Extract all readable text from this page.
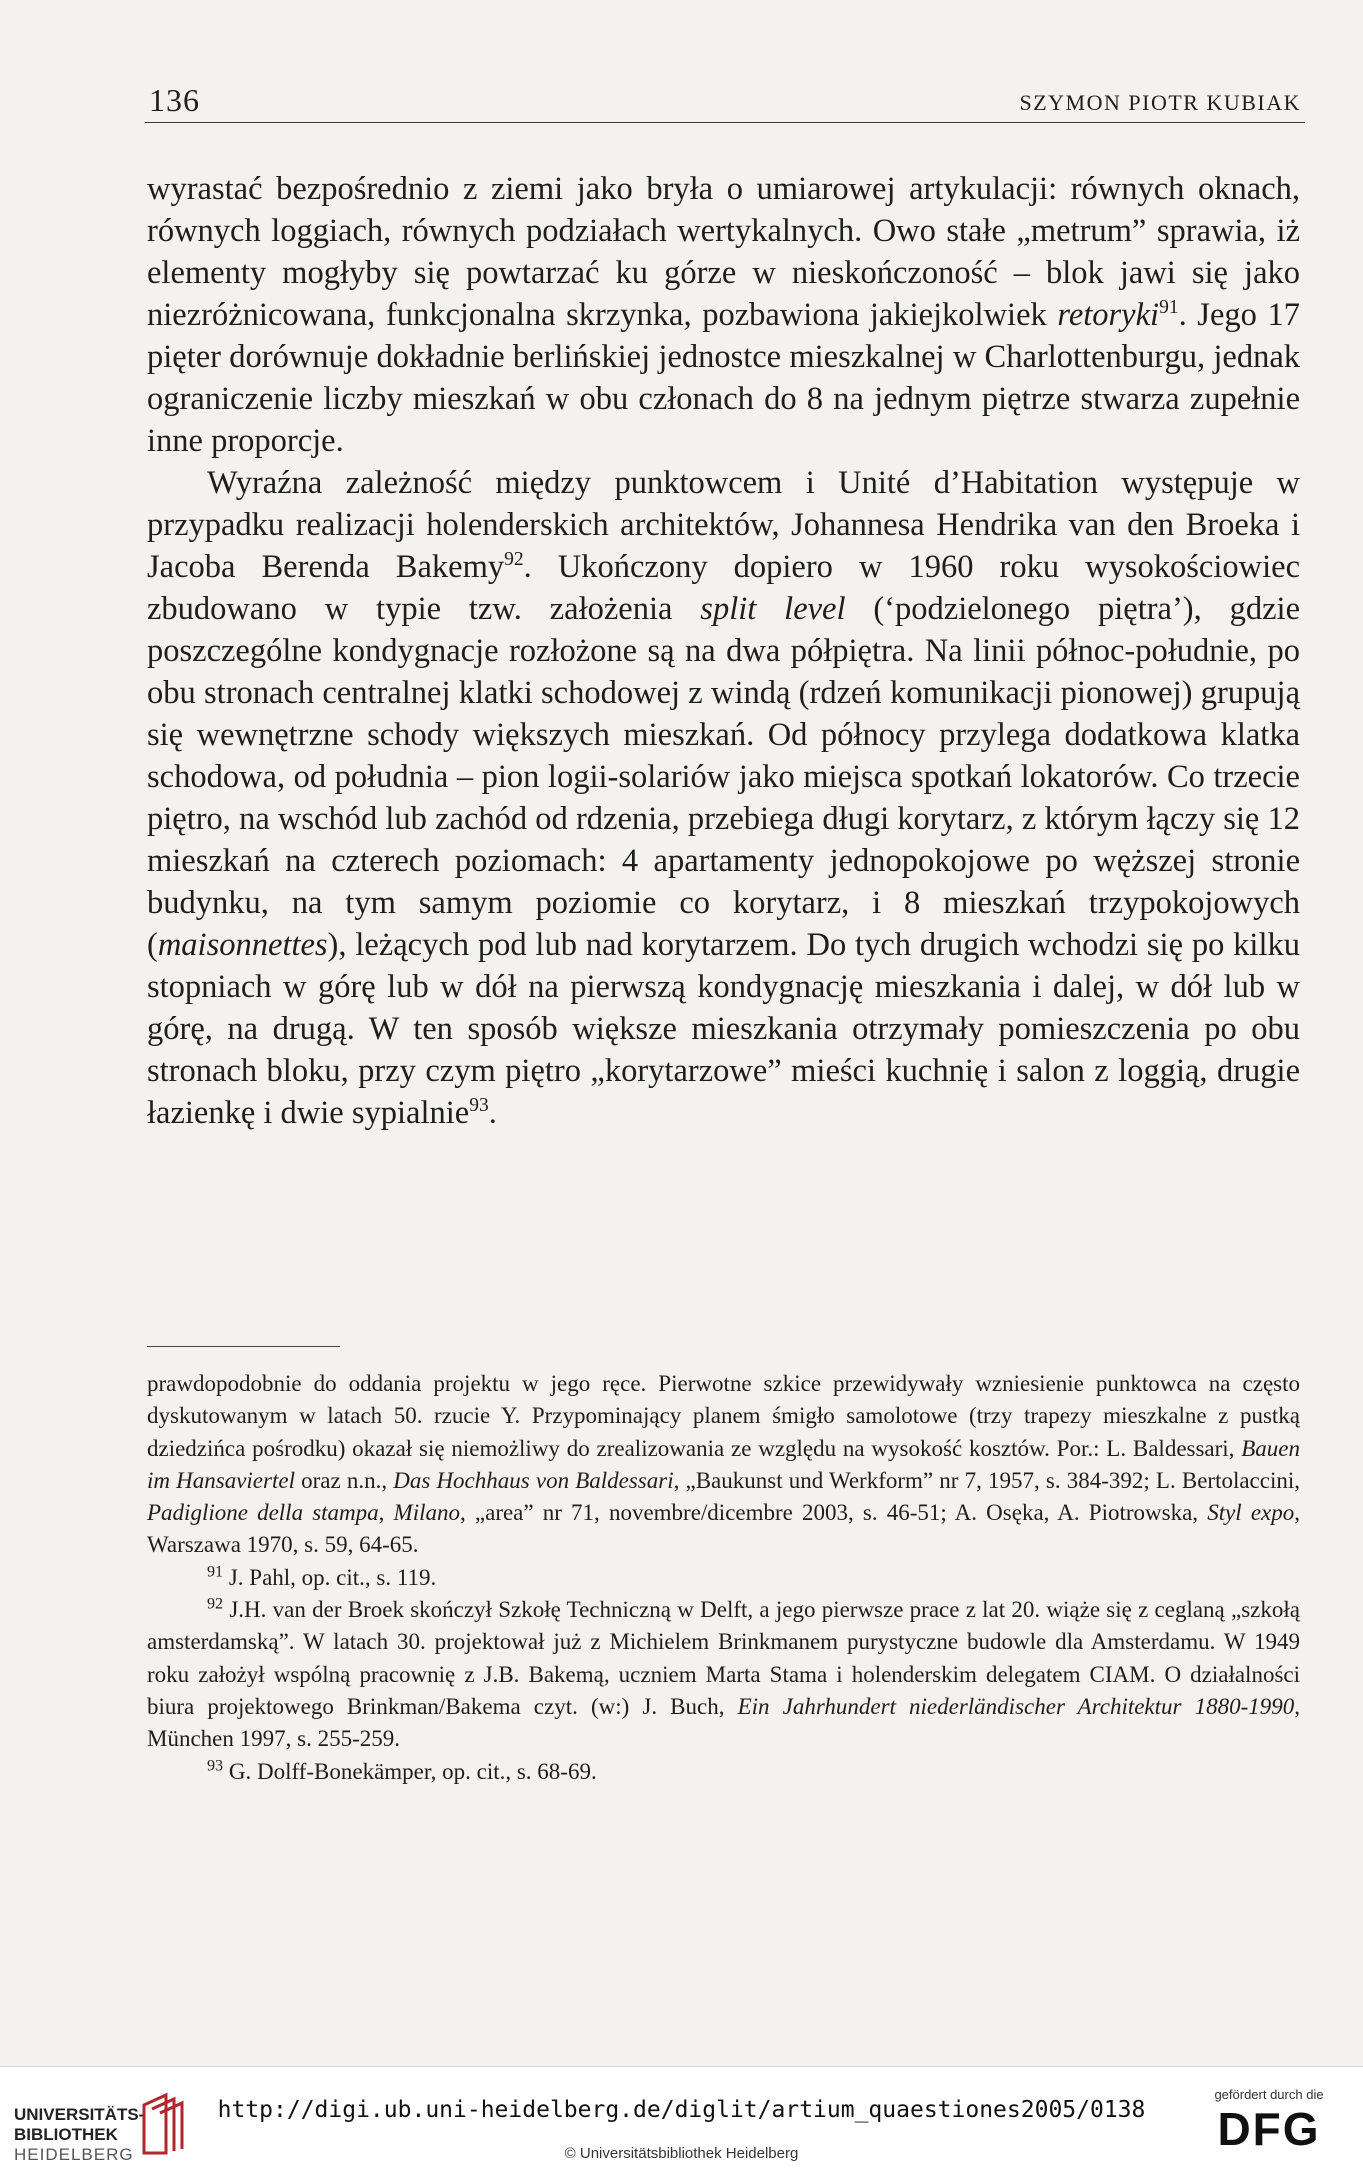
136	SZYMON PIOTR KUBIAK

wyrastać bezpośrednio z ziemi jako bryła o umiarowej artykulacji: równych oknach, równych loggiach, równych podziałach wertykalnych. Owo stałe „metrum” sprawia, iż elementy mogłyby się powtarzać ku górze w nieskończoność – blok jawi się jako niezróżnicowana, funkcjonalna skrzynka, pozbawiona jakiejkolwiek retoryki$^{91}$. Jego 17 pięter dorównuje dokładnie berlińskiej jednostce mieszkalnej w Charlottenburgu, jednak ograniczenie liczby mieszkań w obu członach do 8 na jednym piętrze stwarza zupełnie inne proporcje.

Wyraźna zależność między punktowcem i Unité d’Habitation występuje w przypadku realizacji holenderskich architektów, Johannesa Hendrika van den Broeka i Jacoba Berenda Bakemy$^{92}$. Ukończony dopiero w 1960 roku wysokościowiec zbudowano w typie tzw. założenia split level (‘podzielonego piętra’), gdzie poszczególne kondygnacje rozłożone są na dwa półpiętra. Na linii północ-południe, po obu stronach centralnej klatki schodowej z windą (rdzeń komunikacji pionowej) grupują się wewnętrzne schody większych mieszkań. Od północy przylega dodatkowa klatka schodowa, od południa – pion logii-solariów jako miejsca spotkań lokatorów. Co trzecie piętro, na wschód lub zachód od rdzenia, przebiega długi korytarz, z którym łączy się 12 mieszkań na czterech poziomach: 4 apartamenty jednopokojowe po węższej stronie budynku, na tym samym poziomie co korytarz, i 8 mieszkań trzypokojowych (maisonnettes), leżących pod lub nad korytarzem. Do tych drugich wchodzi się po kilku stopniach w górę lub w dół na pierwszą kondygnację mieszkania i dalej, w dół lub w górę, na drugą. W ten sposób większe mieszkania otrzymały pomieszczenia po obu stronach bloku, przy czym piętro „korytarzowe” mieści kuchnię i salon z loggią, drugie łazienkę i dwie sypialnie$^{93}$.

prawdopodobnie do oddania projektu w jego ręce. Pierwotne szkice przewidywały wzniesienie punktowca na często dyskutowanym w latach 50. rzucie Y. Przypominający planem śmigło samolotowe (trzy trapezy mieszkalne z pustką dziedzińca pośrodku) okazał się niemożliwy do zrealizowania ze względu na wysokość kosztów. Por.: L. Baldessari, Bauen im Hansaviertel oraz n.n., Das Hochhaus von Baldessari, „Baukunst und Werkform” nr 7, 1957, s. 384-392; L. Bertolaccini, Padiglione della stampa, Milano, „area” nr 71, novembre/dicembre 2003, s. 46-51; A. Osęka, A. Piotrowska, Styl expo, Warszawa 1970, s. 59, 64-65.

$^{91}$ J. Pahl, op. cit., s. 119.

$^{92}$ J.H. van der Broek skończył Szkołę Techniczną w Delft, a jego pierwsze prace z lat 20. wiąże się z ceglaną „szkołą amsterdamską”. W latach 30. projektował już z Michielem Brinkmanem purystyczne budowle dla Amsterdamu. W 1949 roku założył wspólną pracownię z J.B. Bakemą, uczniem Marta Stama i holenderskim delegatem CIAM. O działalności biura projektowego Brinkman/Bakema czyt. (w:) J. Buch, Ein Jahrhundert niederländischer Architektur 1880-1990, München 1997, s. 255-259.

$^{93}$ G. Dolff-Bonekämper, op. cit., s. 68-69.

UNIVERSITÄTS-
BIBLIOTHEK
HEIDELBERG
http://digi.ub.uni-heidelberg.de/diglit/artium_quaestiones2005/0138
© Universitätsbibliothek Heidelberg
gefördert durch die
DFG
